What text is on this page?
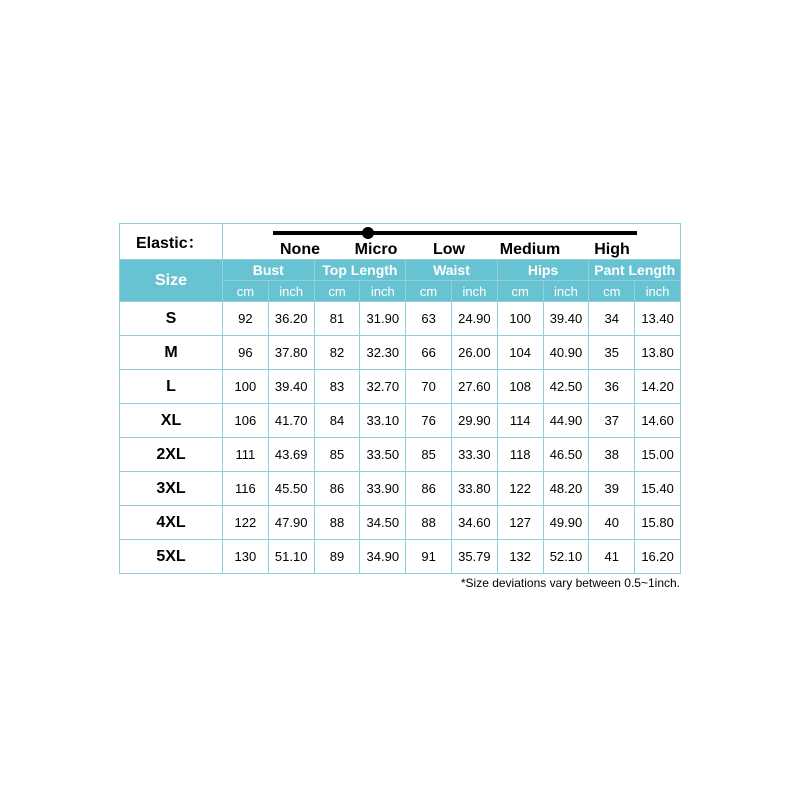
Elastic：	None Micro Low Medium High									

Size	Bust		Top Length		Waist		Hips		Pant Length	
	cm	inch	cm	inch	cm	inch	cm	inch	cm	inch
S	92	36.20	81	31.90	63	24.90	100	39.40	34	13.40
M	96	37.80	82	32.30	66	26.00	104	40.90	35	13.80
L	100	39.40	83	32.70	70	27.60	108	42.50	36	14.20
XL	106	41.70	84	33.10	76	29.90	114	44.90	37	14.60
2XL	111	43.69	85	33.50	85	33.30	118	46.50	38	15.00
3XL	116	45.50	86	33.90	86	33.80	122	48.20	39	15.40
4XL	122	47.90	88	34.50	88	34.60	127	49.90	40	15.80
5XL	130	51.10	89	34.90	91	35.79	132	52.10	41	16.20
*Size deviations vary between 0.5~1inch.
